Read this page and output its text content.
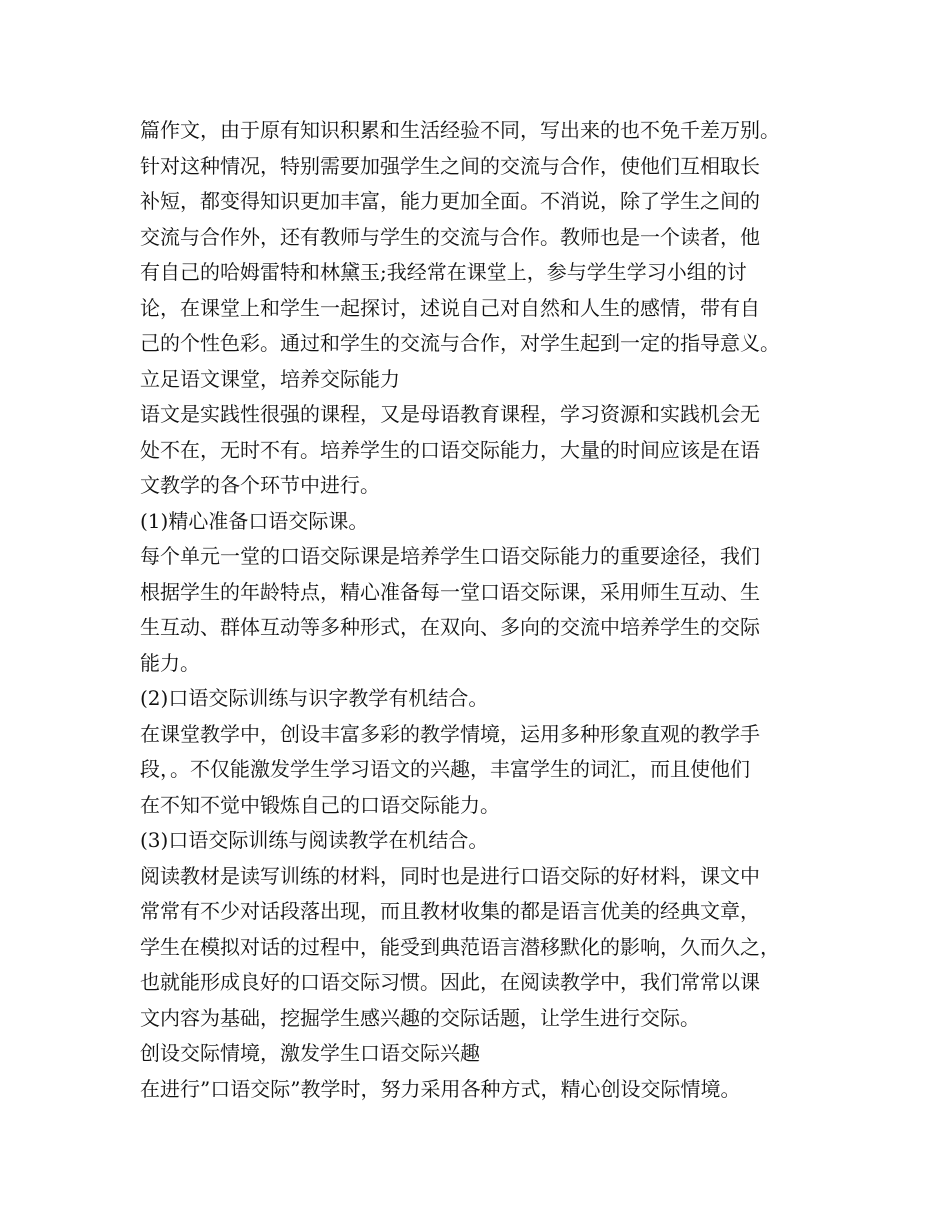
篇作文，由于原有知识积累和生活经验不同，写出来的也不免千差万别。
针对这种情况，特别需要加强学生之间的交流与合作，使他们互相取长
补短，都变得知识更加丰富，能力更加全面。不消说，除了学生之间的
交流与合作外，还有教师与学生的交流与合作。教师也是一个读者，他
有自己的哈姆雷特和林黛玉;我经常在课堂上，参与学生学习小组的讨
论，在课堂上和学生一起探讨，述说自己对自然和人生的感情，带有自
己的个性色彩。通过和学生的交流与合作，对学生起到一定的指导意义。
立足语文课堂，培养交际能力
语文是实践性很强的课程，又是母语教育课程，学习资源和实践机会无
处不在，无时不有。培养学生的口语交际能力，大量的时间应该是在语
文教学的各个环节中进行。
(1)精心准备口语交际课。
每个单元一堂的口语交际课是培养学生口语交际能力的重要途径，我们
根据学生的年龄特点，精心准备每一堂口语交际课，采用师生互动、生
生互动、群体互动等多种形式，在双向、多向的交流中培养学生的交际
能力。
(2)口语交际训练与识字教学有机结合。
在课堂教学中，创设丰富多彩的教学情境，运用多种形象直观的教学手
段，。不仅能激发学生学习语文的兴趣，丰富学生的词汇，而且使他们
在不知不觉中锻炼自己的口语交际能力。
(3)口语交际训练与阅读教学在机结合。
阅读教材是读写训练的材料，同时也是进行口语交际的好材料，课文中
常常有不少对话段落出现，而且教材收集的都是语言优美的经典文章，
学生在模拟对话的过程中，能受到典范语言潜移默化的影响，久而久之，
也就能形成良好的口语交际习惯。因此，在阅读教学中，我们常常以课
文内容为基础，挖掘学生感兴趣的交际话题，让学生进行交际。
创设交际情境，激发学生口语交际兴趣
在进行”口语交际”教学时，努力采用各种方式，精心创设交际情境。
